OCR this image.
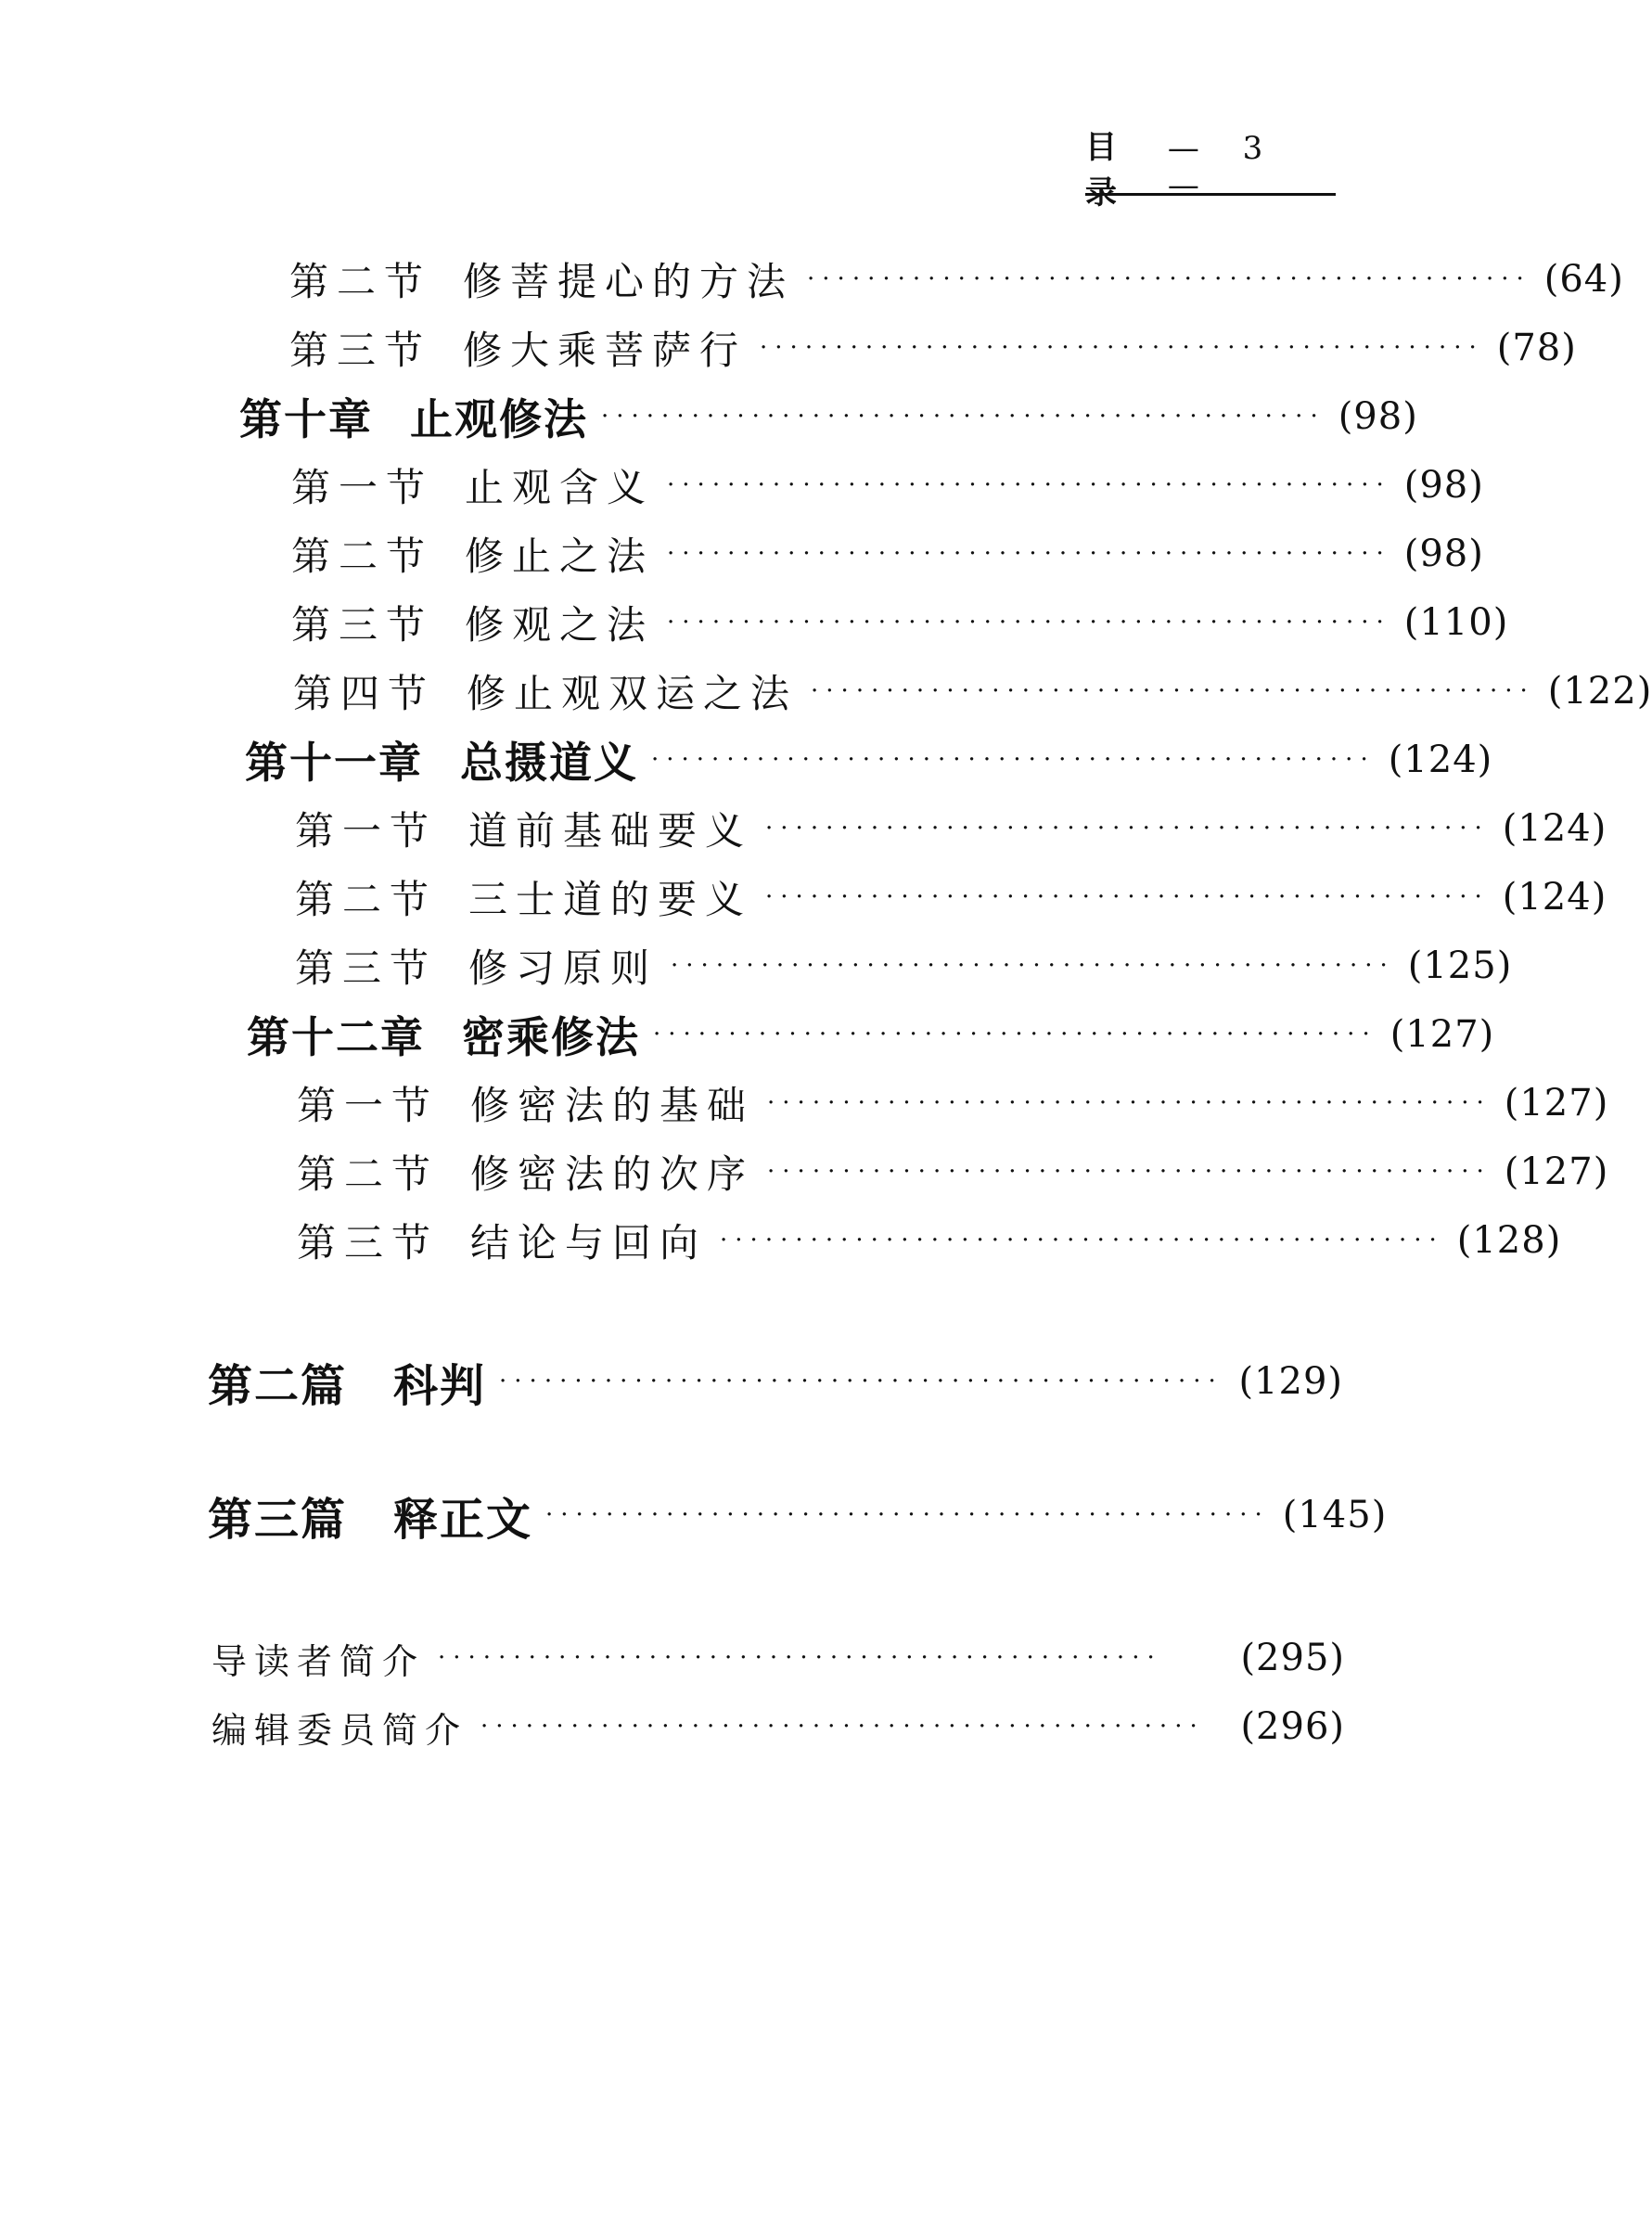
目录
— 3 —
第二节 修菩提心的方法 ················································ (64)
第三节 修大乘菩萨行 ················································ (78)
第十章 止观修法 ················································ (98)
第一节 止观含义 ················································ (98)
第二节 修止之法 ················································ (98)
第三节 修观之法 ················································ (110)
第四节 修止观双运之法 ················································ (122)
第十一章 总摄道义 ················································ (124)
第一节 道前基础要义 ················································ (124)
第二节 三士道的要义 ················································ (124)
第三节 修习原则 ················································ (125)
第十二章 密乘修法 ················································ (127)
第一节 修密法的基础 ················································ (127)
第二节 修密法的次序 ················································ (127)
第三节 结论与回向 ················································ (128)
第二篇 科判 ················································ (129)
第三篇 释正文 ················································ (145)
导读者简介 ················································	(295)
编辑委员简介 ················································ (296)
